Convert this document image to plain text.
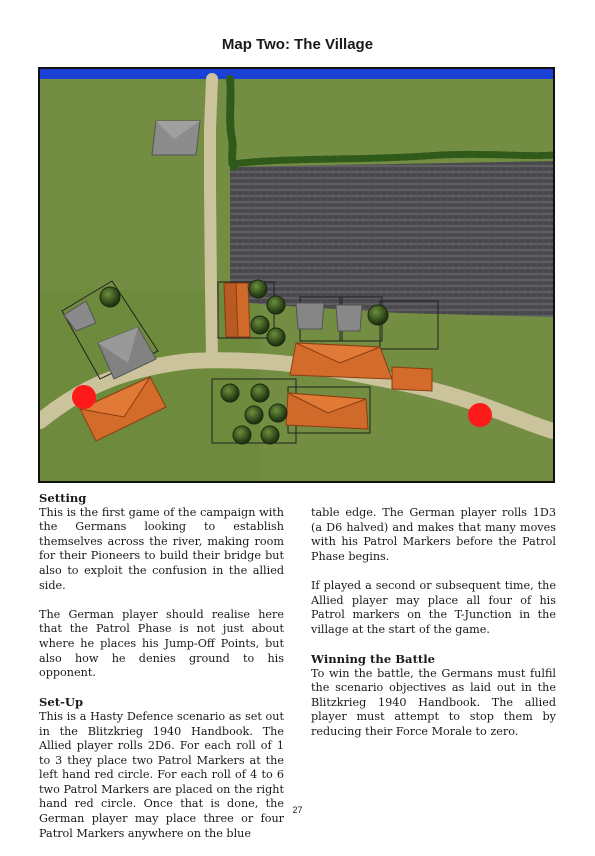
Map Two: The Village
Setting

This is the first game of the campaign with the Germans looking to establish themselves across the river, making room for their Pioneers to build their bridge but also to exploit the confusion in the allied side.

The German player should realise here that the Patrol Phase is not just about where he places his Jump-Off Points, but also how he denies ground to his opponent.

Set-Up

This is a Hasty Defence scenario as set out in the Blitzkrieg 1940 Handbook. The Allied player rolls 2D6. For each roll of 1 to 3 they place two Patrol Markers at the left hand red circle. For each roll of 4 to 6 two Patrol Markers are placed on the right hand red circle. Once that is done, the German player may place three or four Patrol Markers anywhere on the blue

table edge. The German player rolls 1D3 (a D6 halved) and makes that many moves with his Patrol Markers before the Patrol Phase begins.

If played a second or subsequent time, the Allied player may place all four of his Patrol markers on the T-Junction in the village at the start of the game.

Winning the Battle

To win the battle, the Germans must fulfil the scenario objectives as laid out in the Blitzkrieg 1940 Handbook. The allied player must attempt to stop them by reducing their Force Morale to zero.

27
